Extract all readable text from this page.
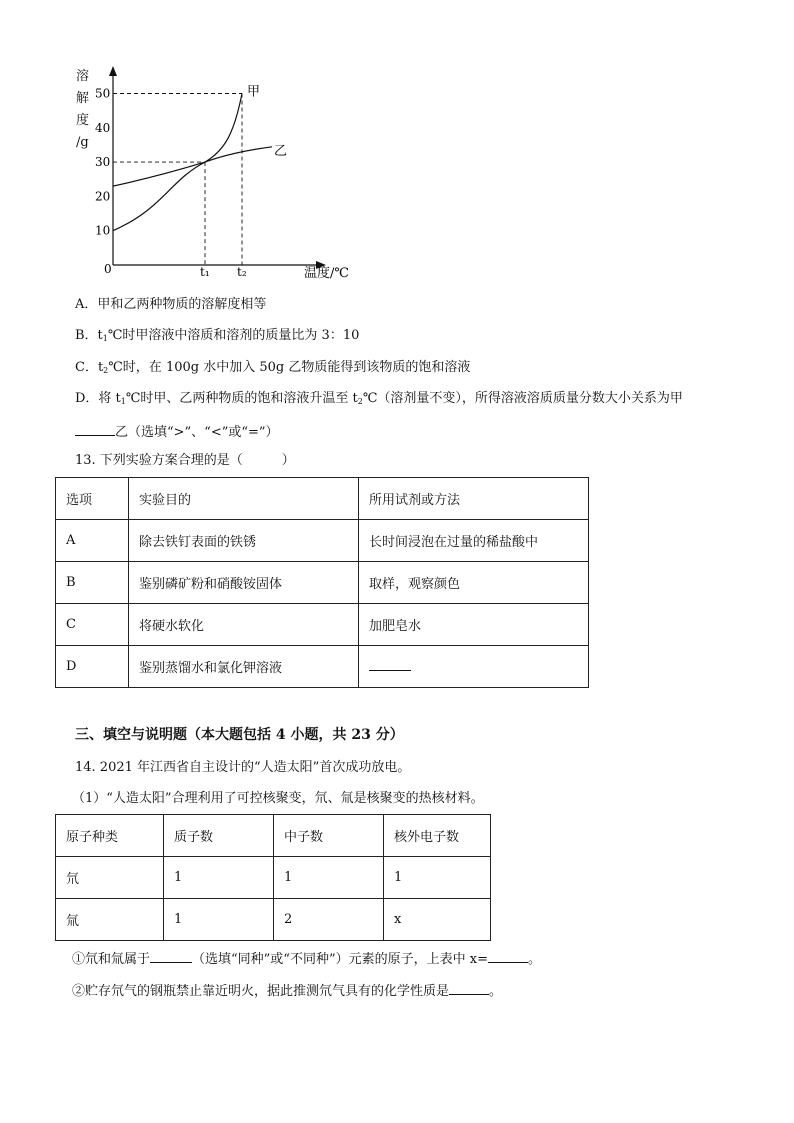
溶解度/g
10
20
30
40
50
0	t₁ t₂	温度/℃
甲
乙
A．甲和乙两种物质的溶解度相等
B．$t_1℃$时甲溶液中溶质和溶剂的质量比为 3：10
C．$t_2℃$时，在 100g 水中加入 50g 乙物质能得到该物质的饱和溶液
D．将 $t_1℃$时甲、乙两种物质的饱和溶液升温至 $t_2℃$（溶剂量不变），所得溶液溶质质量分数大小关系为甲
乙（选填“>”、“<”或“=”）
13. 下列实验方案合理的是（　　　）
选项	实验目的	所用试剂或方法
A	除去铁钉表面的铁锈	长时间浸泡在过量的稀盐酸中
B	鉴别磷矿粉和硝酸铵固体	取样，观察颜色
C	将硬水软化	加肥皂水
D	鉴别蒸馏水和氯化钾溶液	
三、填空与说明题（本大题包括 4 小题，共 23 分）
14. 2021 年江西省自主设计的“人造太阳”首次成功放电。
（1）“人造太阳”合理利用了可控核聚变，氘、氚是核聚变的热核材料。
原子种类	质子数	中子数	核外电子数
氘	1	1	1
氚	1	2	x
①氘和氚属于	（选填“同种”或“不同种”）元素的原子，上表中 x=	。
②贮存氘气的钢瓶禁止靠近明火，据此推测氘气具有的化学性质是	。
